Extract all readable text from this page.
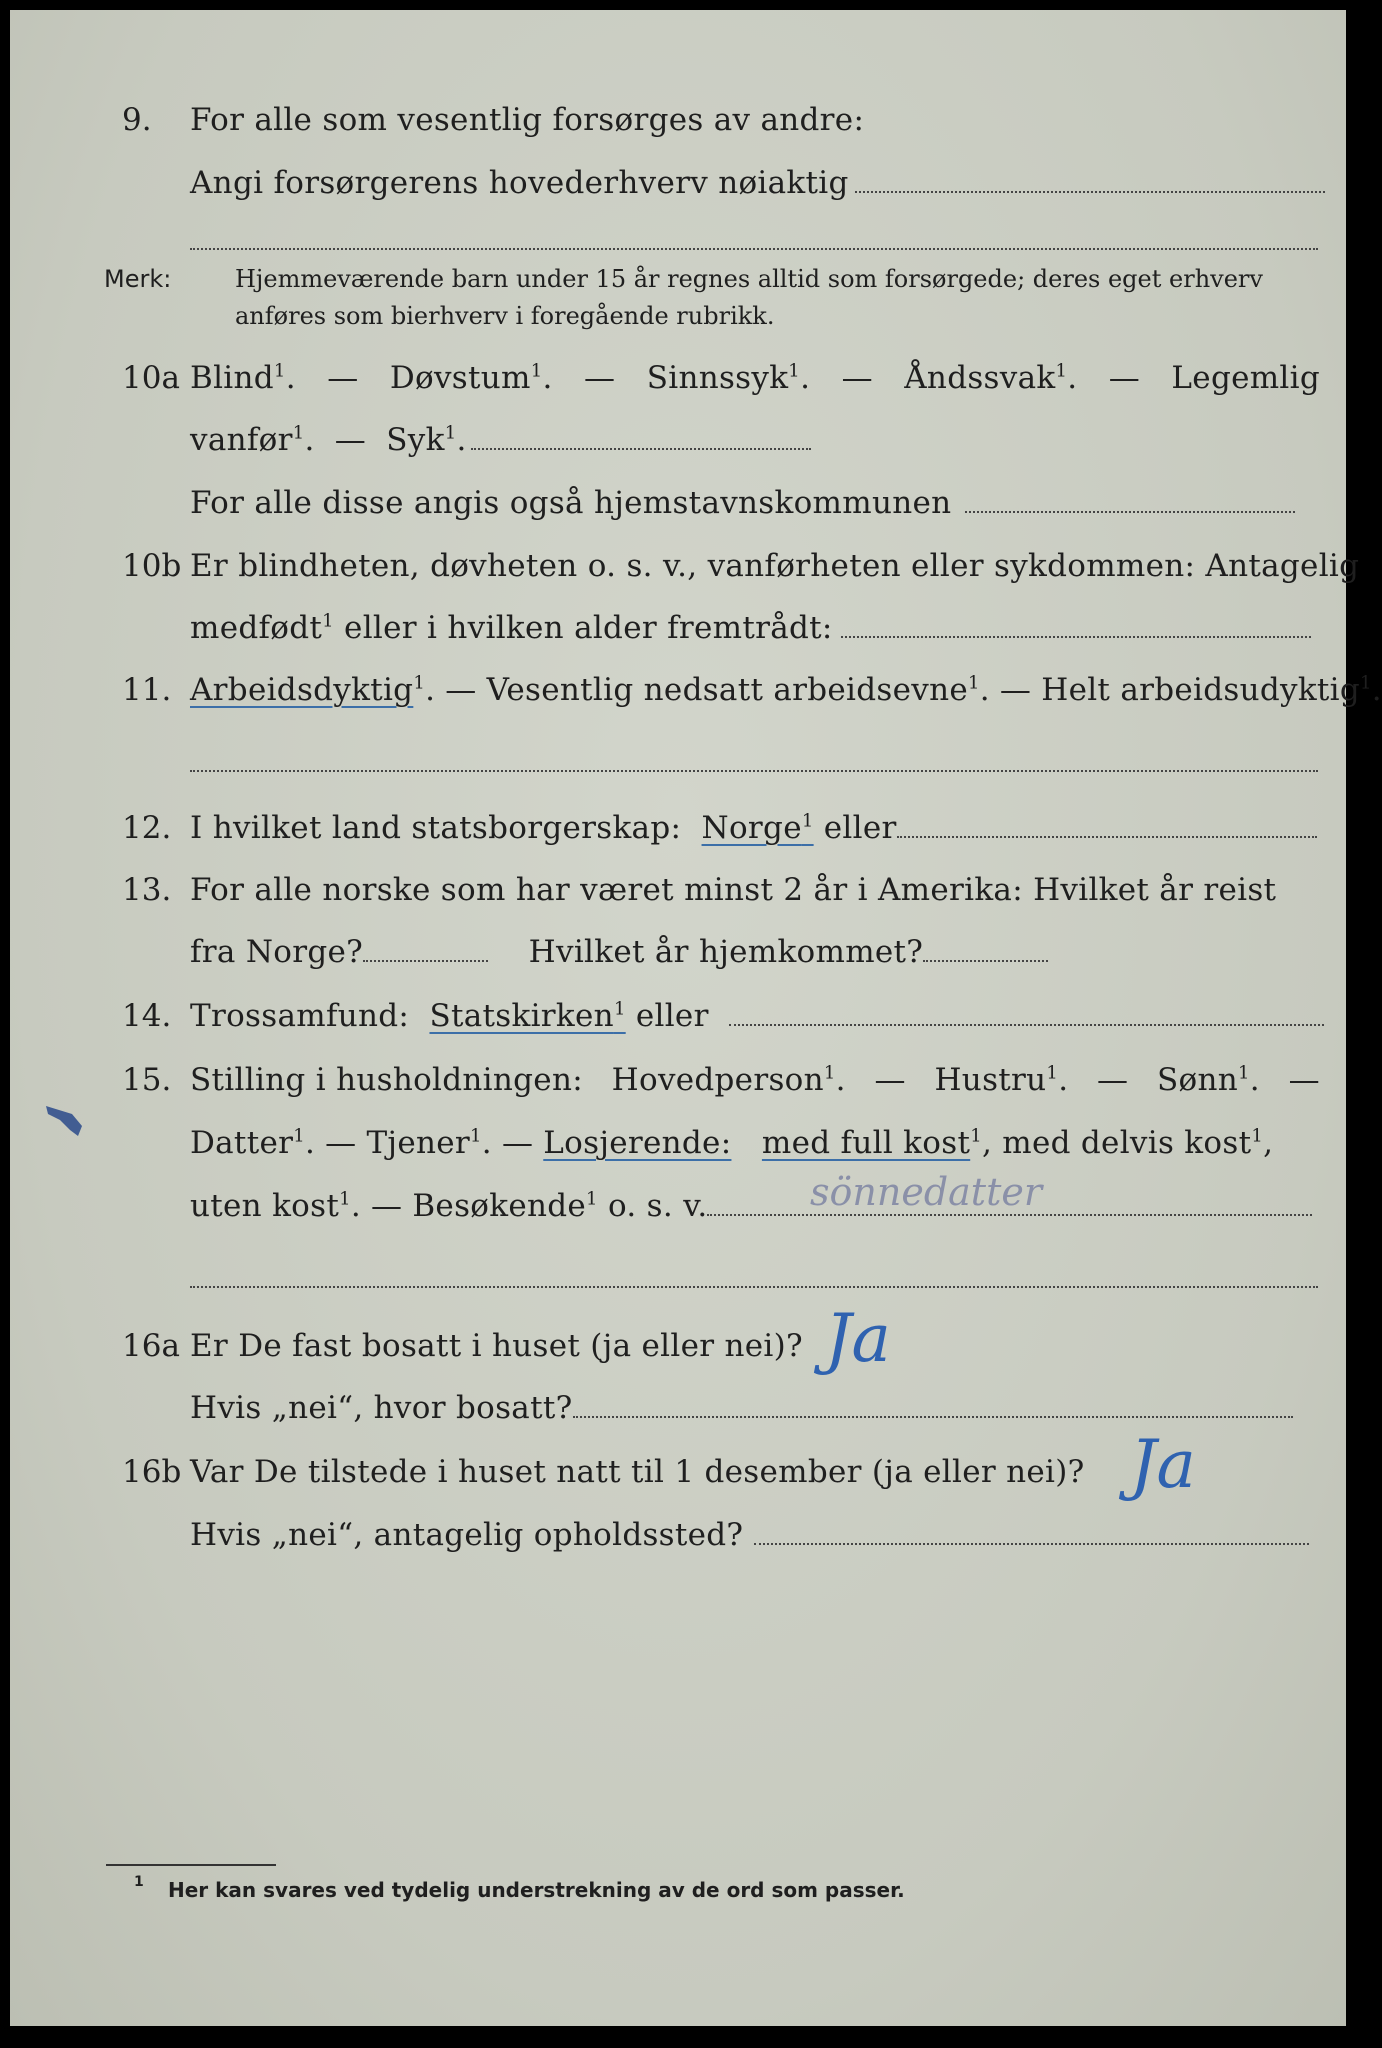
9. For alle som vesentlig forsørges av andre:
Angi forsørgerens hovederhverv nøiaktig
Merk:	Hjemmeværende barn under 15 år regnes alltid som forsørgede; deres eget erhverv
anføres som bierhverv i foregående rubrikk.
10a Blind$^1$. — Døvstum$^1$. — Sinnssyk$^1$. — Åndssvak$^1$. — Legemlig
vanfør$^1$. — Syk$^1$.
For alle disse angis også hjemstavnskommunen
10b Er blindheten, døvheten o. s. v., vanførheten eller sykdommen: Antagelig
medfødt$^1$ eller i hvilken alder fremtrådt:
11. Arbeidsdyktig$^1$. — Vesentlig nedsatt arbeidsevne$^1$. — Helt arbeidsudyktig$^1$.
12. I hvilket land statsborgerskap: Norge$^1$ eller
13. For alle norske som har været minst 2 år i Amerika: Hvilket år reist
fra Norge?	Hvilket år hjemkommet?
14. Trossamfund: Statskirken$^1$ eller
15. Stilling i husholdningen: Hovedperson$^1$. — Hustru$^1$. — Sønn$^1$. —
Datter$^1$. — Tjener$^1$. — Losjerende: med full kost$^1$, med delvis kost$^1$,
uten kost$^1$. — Besøkende$^1$ o. s. v.	sönnedatter
16a Er De fast bosatt i huset (ja eller nei)? Ja
Hvis „nei“, hvor bosatt?
16b Var De tilstede i huset natt til 1 desember (ja eller nei)? Ja
Hvis „nei“, antagelig opholdssted?
1 Her kan svares ved tydelig understrekning av de ord som passer.
